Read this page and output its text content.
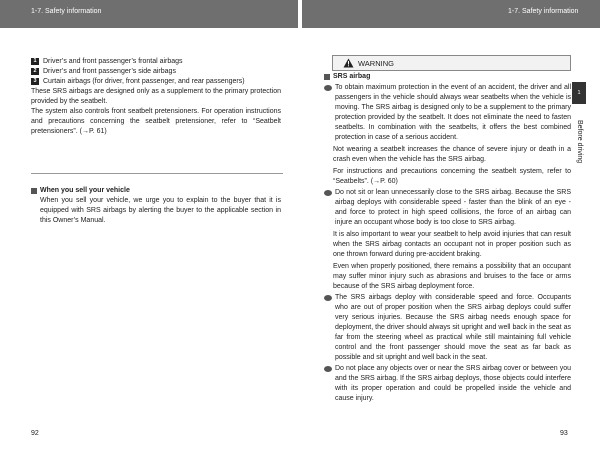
1-7. Safety information	1-7. Safety information
1 Driver’s and front passenger’s frontal airbags
2 Driver’s and front passenger’s side airbags
3 Curtain airbags (for driver, front passenger, and rear passengers)
These SRS airbags are designed only as a supplement to the primary protection provided by the seatbelt.
The system also controls front seatbelt pretensioners. For operation instructions and precautions concerning the seatbelt pretensioner, refer to “Seatbelt pretensioners”. (→P. 61)
When you sell your vehicle
When you sell your vehicle, we urge you to explain to the buyer that it is equipped with SRS airbags by alerting the buyer to the applicable section in this Owner’s Manual.
WARNING
SRS airbag
To obtain maximum protection in the event of an accident, the driver and all passengers in the vehicle should always wear seatbelts when the vehicle is moving. The SRS airbag is designed only to be a supplement to the primary protection provided by the seatbelt. It does not eliminate the need to fasten seatbelts. In combination with the seatbelts, it offers the best combined protection in case of a serious accident.
Not wearing a seatbelt increases the chance of severe injury or death in a crash even when the vehicle has the SRS airbag.
For instructions and precautions concerning the seatbelt system, refer to “Seatbelts”. (→P. 60)
Do not sit or lean unnecessarily close to the SRS airbag. Because the SRS airbag deploys with considerable speed - faster than the blink of an eye - and force to protect in high speed collisions, the force of an airbag can injure an occupant whose body is too close to SRS airbag.
It is also important to wear your seatbelt to help avoid injuries that can result when the SRS airbag contacts an occupant not in proper position such as one thrown forward during pre-accident braking.
Even when properly positioned, there remains a possibility that an occupant may suffer minor injury such as abrasions and bruises to the face or arms because of the SRS airbag deployment force.
The SRS airbags deploy with considerable speed and force. Occupants who are out of proper position when the SRS airbag deploys could suffer very serious injuries. Because the SRS airbag needs enough space for deployment, the driver should always sit upright and well back in the seat as far from the steering wheel as practical while still maintaining full vehicle control and the front passenger should move the seat as far back as possible and sit upright and well back in the seat.
Do not place any objects over or near the SRS airbag cover or between you and the SRS airbag. If the SRS airbag deploys, those objects could interfere with its proper operation and could be propelled inside the vehicle and cause injury.
1
Before driving
92	93
